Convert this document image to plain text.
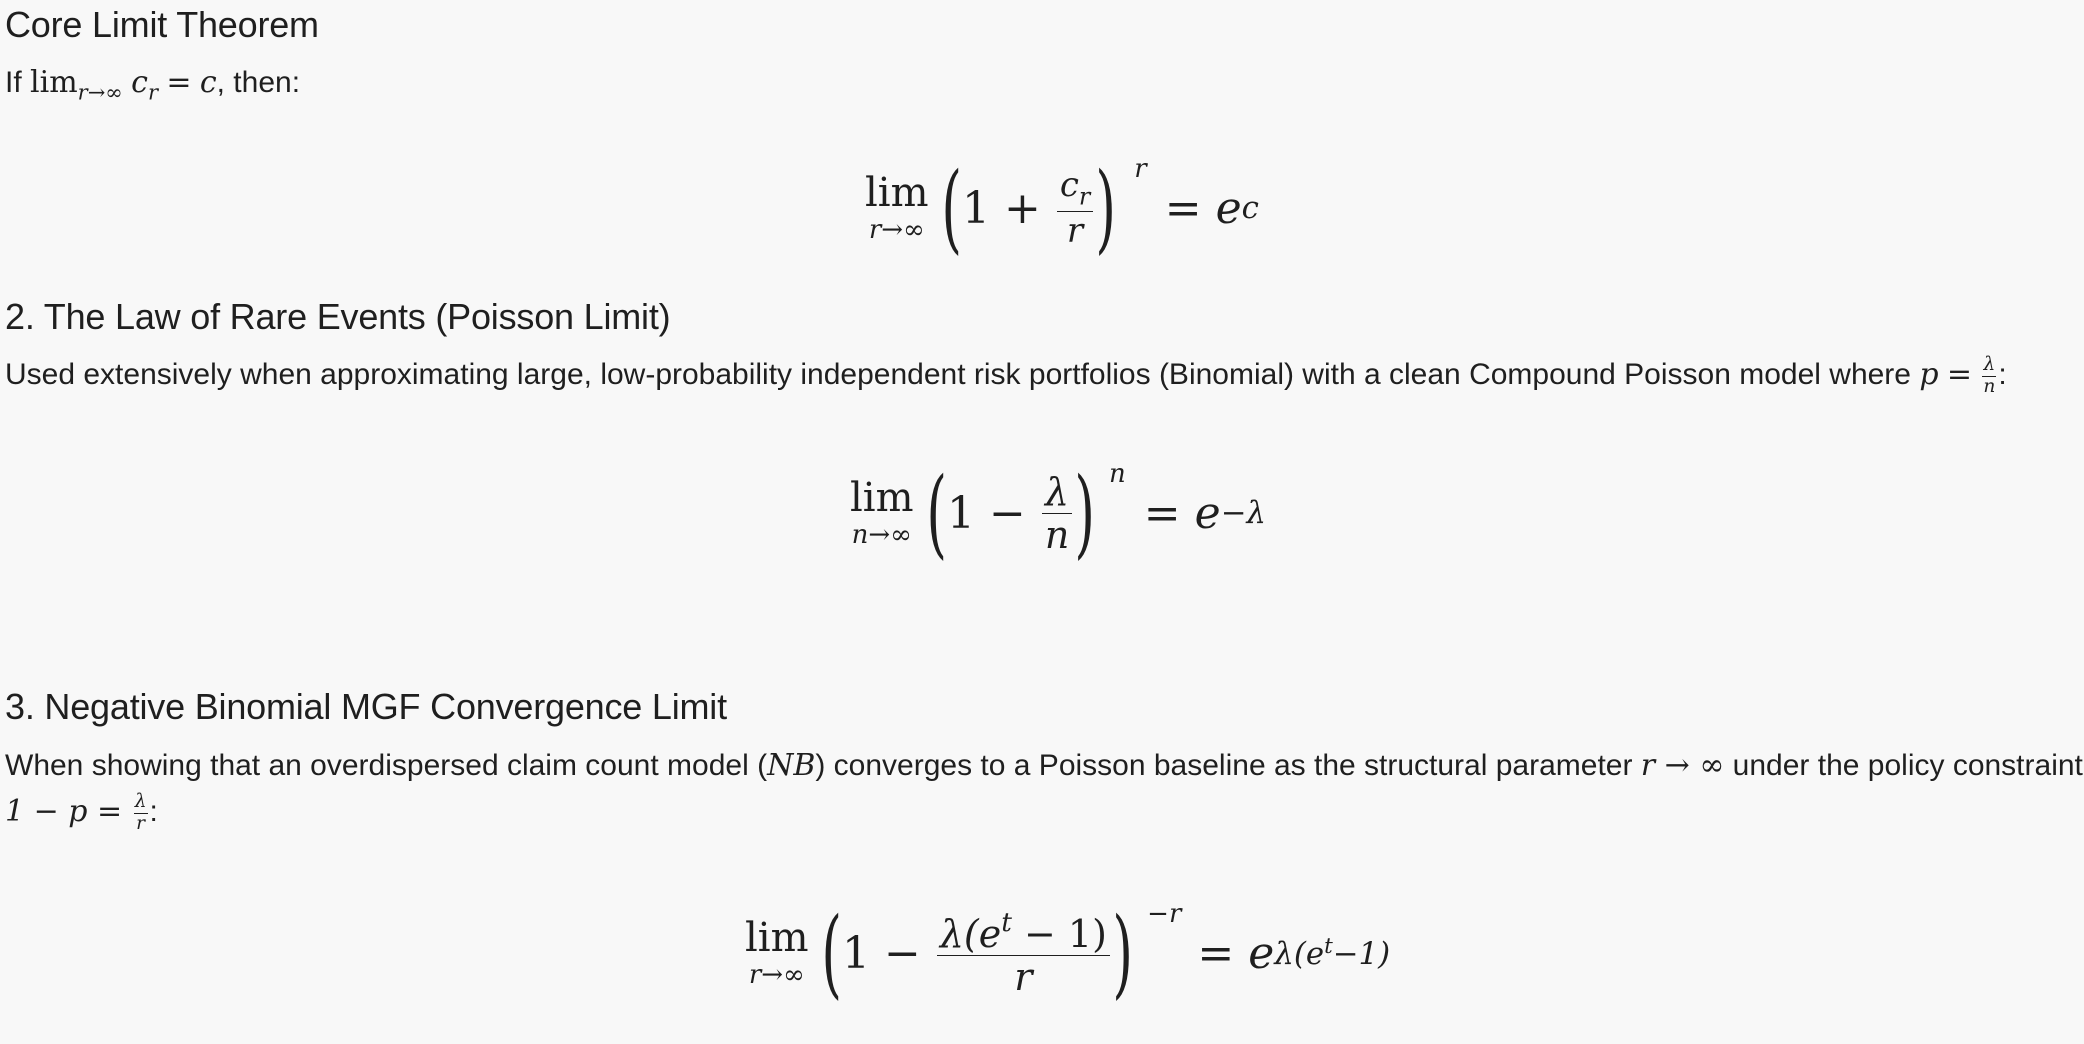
Core Limit Theorem
If $\lim_{r\to\infty} c_r = c$, then:
lim
r→∞ ( $1 + \frac{c_r}{r}$ ) r
= e c
2. The Law of Rare Events (Poisson Limit)
Used extensively when approximating large, low-probability independent risk portfolios (Binomial) with a clean Compound Poisson model where $p = \frac{\lambda}{n}$ :
lim
n→∞ ( $1 - \frac{\lambda}{n}$ ) n
= e −λ
3. Negative Binomial MGF Convergence Limit
When showing that an overdispersed claim count model (NB) converges to a Poisson baseline as the structural parameter r → ∞ under the policy constraint
$1 - p = \frac{\lambda}{r}$ :
lim
r→∞ ( $1 - \frac{\lambda(e^t - 1)}{r}$ ) −r
= e $\lambda(e^t-1)$
